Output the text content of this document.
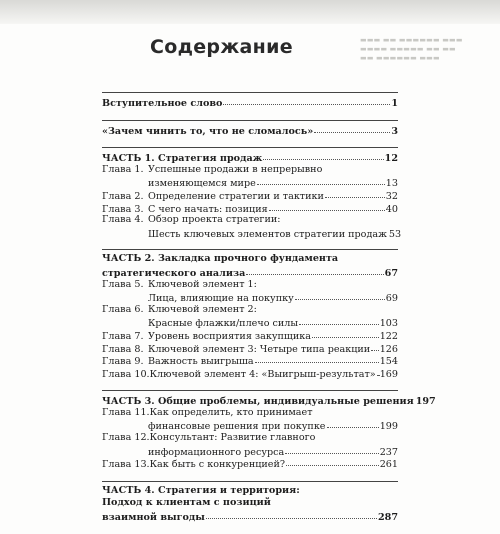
▬▬▬ ▬▬ ▬▬▬▬▬▬ ▬▬▬
▬▬▬▬ ▬▬▬▬▬ ▬▬ ▬▬
▬▬ ▬▬▬▬▬▬ ▬▬▬
Содержание
Вступительное слово	1
«Зачем чинить то, что не сломалось»	3
ЧАСТЬ 1. Стратегия продаж	12
Глава 1. Успешные продажи в непрерывно
изменяющемся мире	13
Глава 2. Определение стратегии и тактики	32
Глава 3. С чего начать: позиция	40
Глава 4. Обзор проекта стратегии:
Шесть ключевых элементов стратегии продаж 53
ЧАСТЬ 2. Закладка прочного фундамента
стратегического анализа	67
Глава 5. Ключевой элемент 1:
Лица, влияющие на покупку	69
Глава 6. Ключевой элемент 2:
Красные флажки/плечо силы	103
Глава 7. Уровень восприятия закупщика	122
Глава 8. Ключевой элемент 3: Четыре типа реакции 126
Глава 9. Важность выигрыша	154
Глава 10. Ключевой элемент 4: «Выигрыш-результат» 169
ЧАСТЬ 3. Общие проблемы, индивидуальные решения 197
Глава 11. Как определить, кто принимает
финансовые решения при покупке	199
Глава 12. Консультант: Развитие главного
информационного ресурса	237
Глава 13. Как быть с конкуренцией?	261
ЧАСТЬ 4. Стратегия и территория:
Подход к клиентам с позиций
взаимной выгоды	287
